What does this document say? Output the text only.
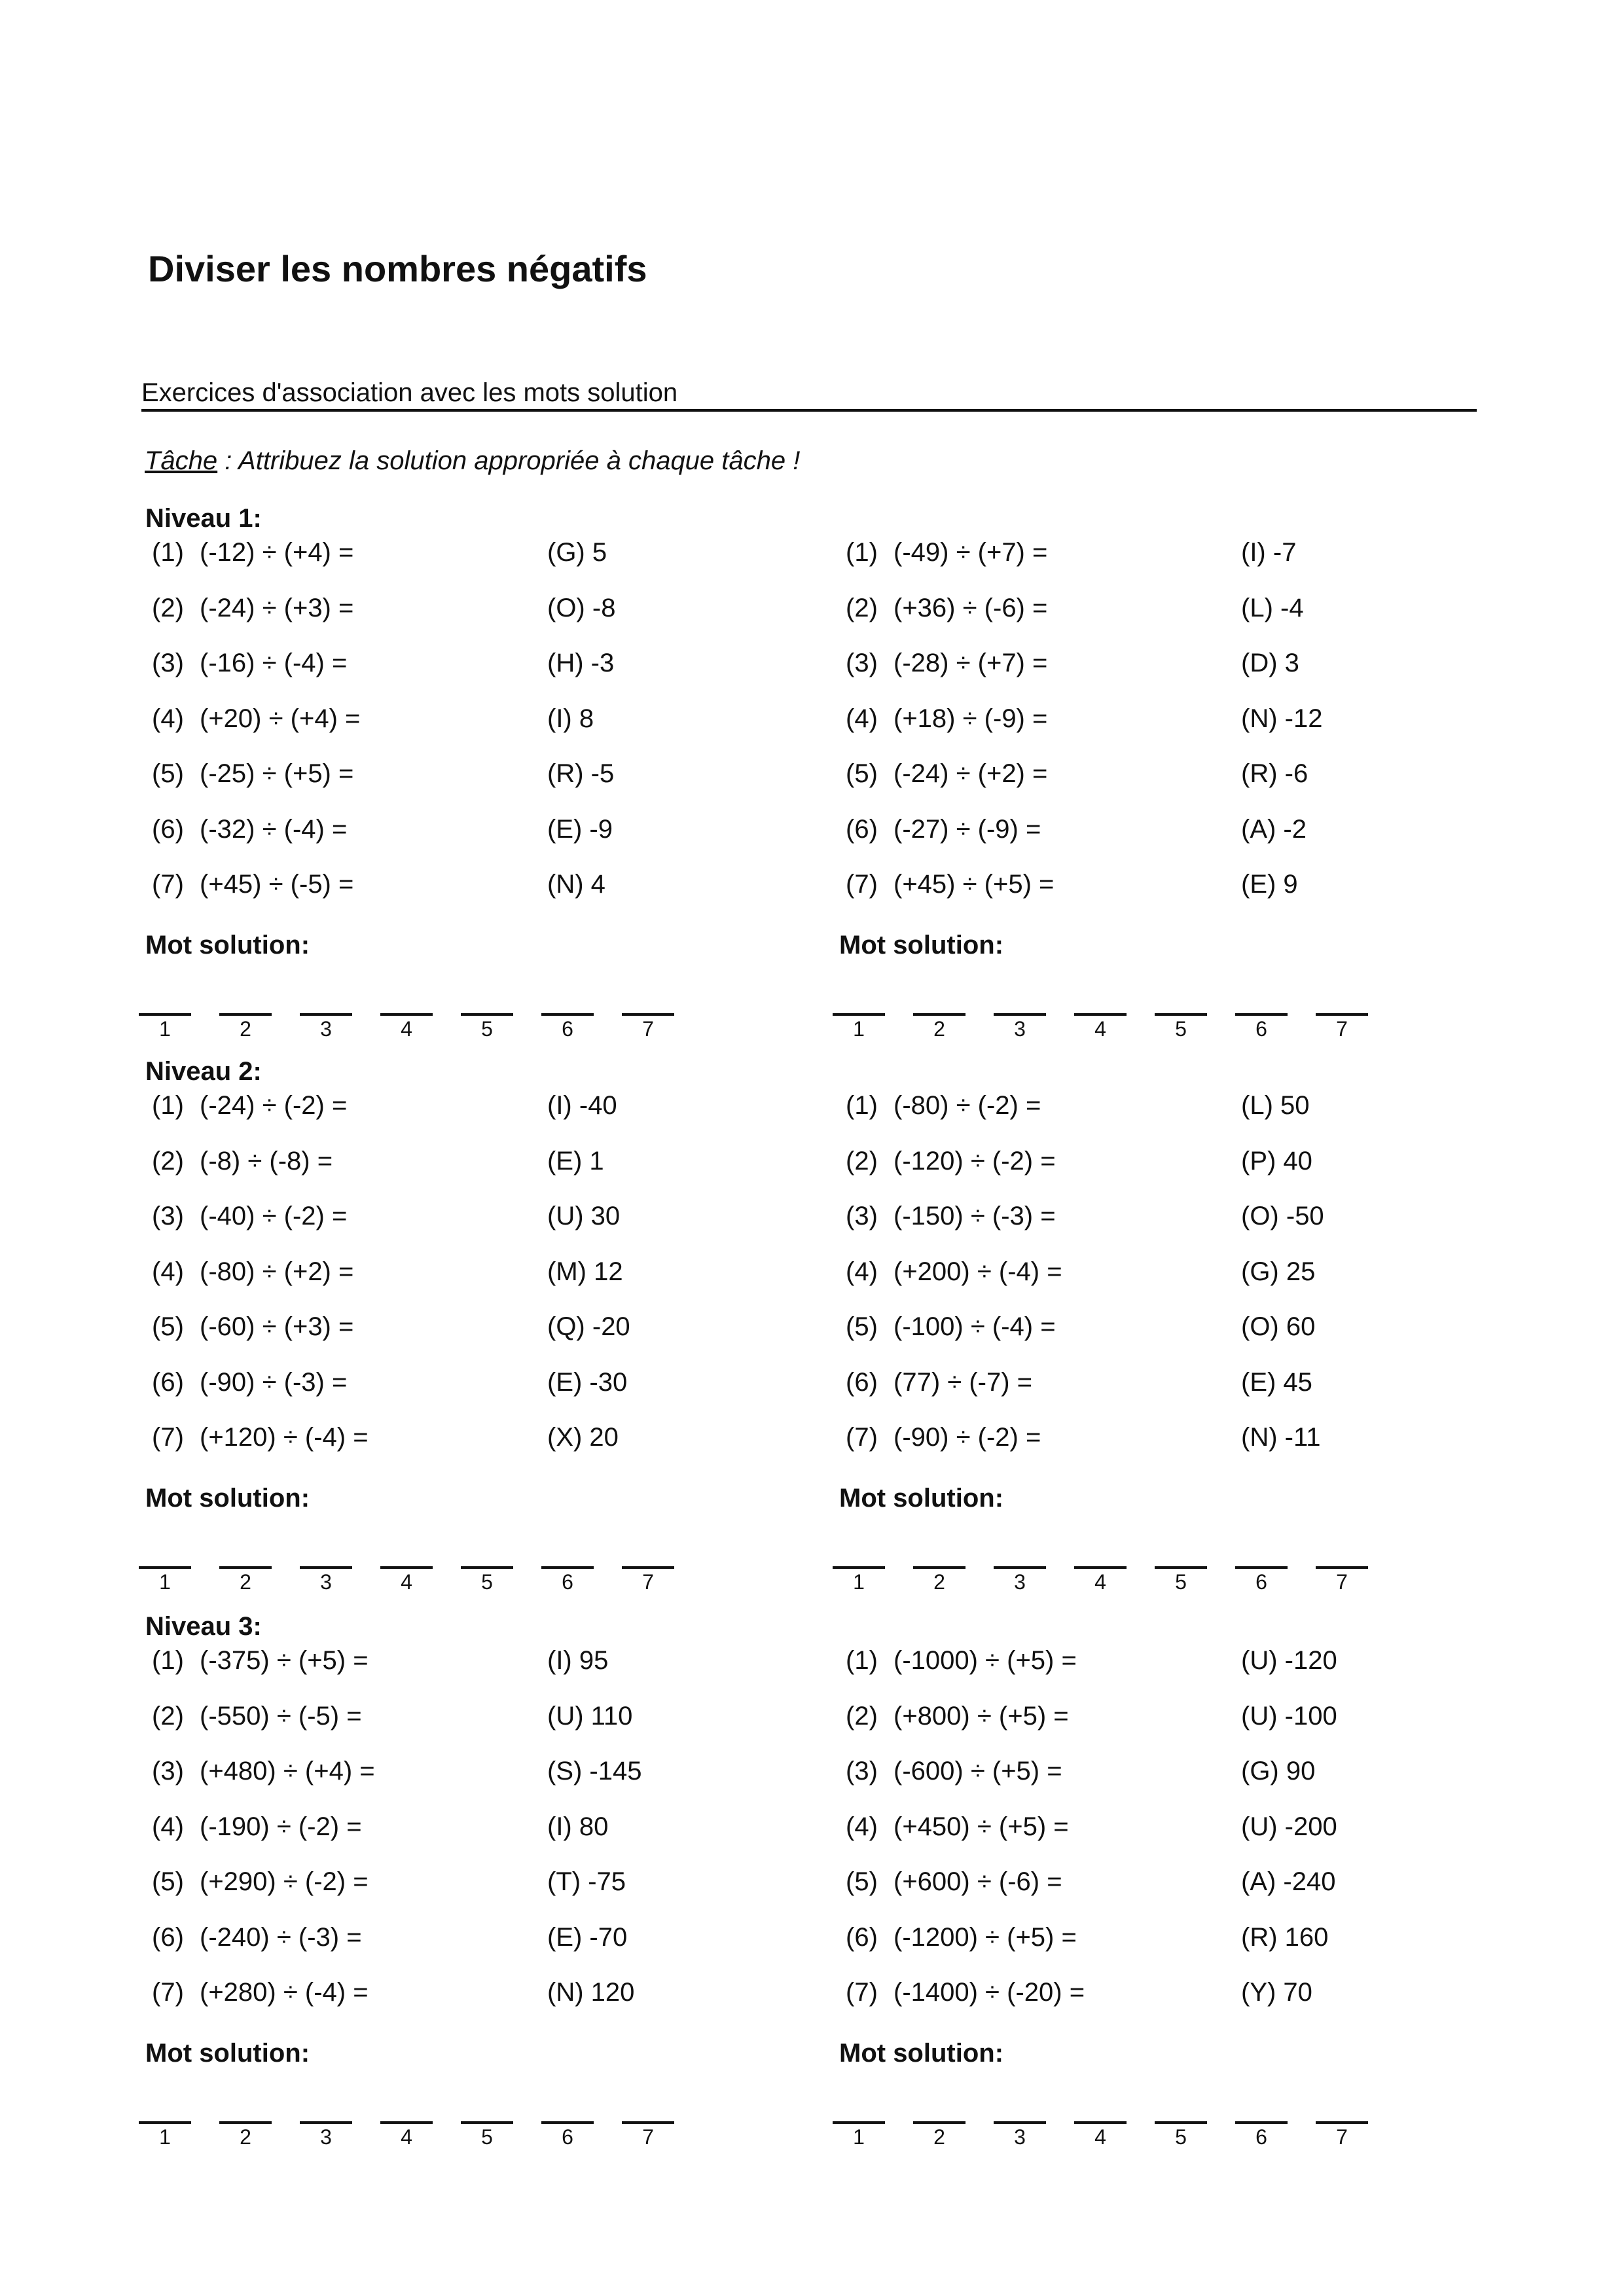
Diviser les nombres négatifs
Exercices d'association avec les mots solution
Tâche : Attribuez la solution appropriée à chaque tâche !
Niveau 1:
(1) (-12) ÷ (+4) =	(G) 5
(2) (-24) ÷ (+3) =	(O) -8
(3) (-16) ÷ (-4) =	(H) -3
(4) (+20) ÷ (+4) =	(I) 8
(5) (-25) ÷ (+5) =	(R) -5
(6) (-32) ÷ (-4) =	(E) -9
(7) (+45) ÷ (-5) =	(N) 4
Mot solution:
1	2	3	4	5	6	7
(1) (-49) ÷ (+7) =	(I) -7
(2) (+36) ÷ (-6) =	(L) -4
(3) (-28) ÷ (+7) =	(D) 3
(4) (+18) ÷ (-9) =	(N) -12
(5) (-24) ÷ (+2) =	(R) -6
(6) (-27) ÷ (-9) =	(A) -2
(7) (+45) ÷ (+5) =	(E) 9
Mot solution:
1	2	3	4	5	6	7
Niveau 2:
(1) (-24) ÷ (-2) =	(I) -40
(2) (-8) ÷ (-8) =	(E) 1
(3) (-40) ÷ (-2) =	(U) 30
(4) (-80) ÷ (+2) =	(M) 12
(5) (-60) ÷ (+3) =	(Q) -20
(6) (-90) ÷ (-3) =	(E) -30
(7) (+120) ÷ (-4) =	(X) 20
Mot solution:
1	2	3	4	5	6	7
(1) (-80) ÷ (-2) =	(L) 50
(2) (-120) ÷ (-2) =	(P) 40
(3) (-150) ÷ (-3) =	(O) -50
(4) (+200) ÷ (-4) =	(G) 25
(5) (-100) ÷ (-4) =	(O) 60
(6) (77) ÷ (-7) =	(E) 45
(7) (-90) ÷ (-2) =	(N) -11
Mot solution:
1	2	3	4	5	6	7
Niveau 3:
(1) (-375) ÷ (+5) =	(I) 95
(2) (-550) ÷ (-5) =	(U) 110
(3) (+480) ÷ (+4) =	(S) -145
(4) (-190) ÷ (-2) =	(I) 80
(5) (+290) ÷ (-2) =	(T) -75
(6) (-240) ÷ (-3) =	(E) -70
(7) (+280) ÷ (-4) =	(N) 120
Mot solution:
1	2	3	4	5	6	7
(1) (-1000) ÷ (+5) =	(U) -120
(2) (+800) ÷ (+5) =	(U) -100
(3) (-600) ÷ (+5) =	(G) 90
(4) (+450) ÷ (+5) =	(U) -200
(5) (+600) ÷ (-6) =	(A) -240
(6) (-1200) ÷ (+5) =	(R) 160
(7) (-1400) ÷ (-20) =	(Y) 70
Mot solution:
1	2	3	4	5	6	7
